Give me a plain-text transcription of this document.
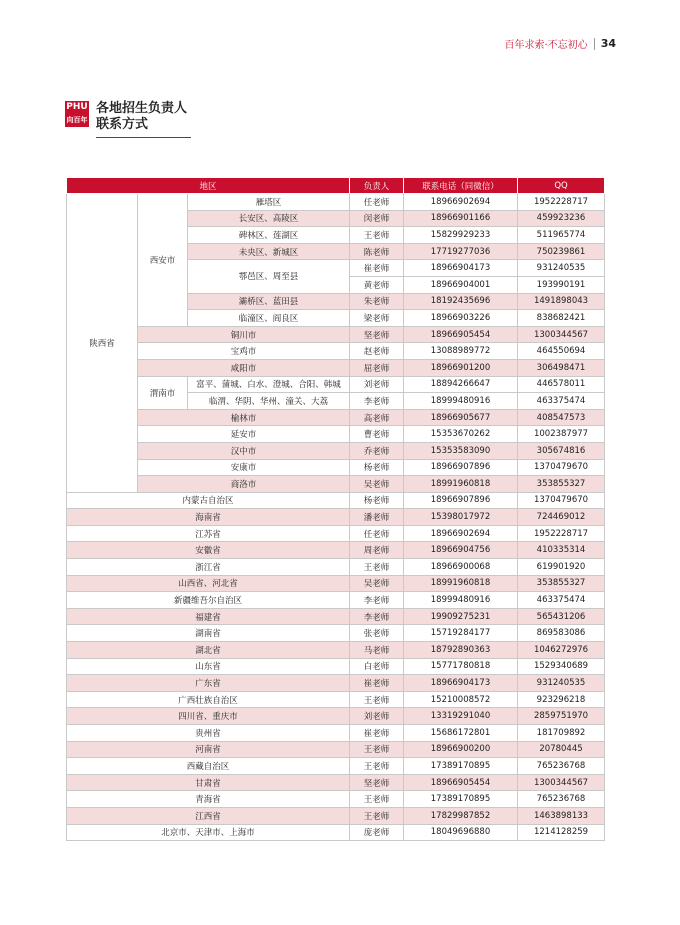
百年求索·不忘初心 34
PHU
向百年
各地招生负责人
联系方式
地区			负责人	联系电话（同微信）	QQ
陕西省	西安市	雁塔区	任老师	18966902694	1952228717
		长安区、高陵区	闵老师	18966901166	459923236
		碑林区、莲湖区	王老师	15829929233	511965774
		未央区、新城区	陈老师	17719277036	750239861
		鄠邑区、周至县	崔老师	18966904173	931240535
			黄老师	18966904001	193990191
		灞桥区、蓝田县	朱老师	18192435696	1491898043
		临潼区、阎良区	梁老师	18966903226	838682421
	铜川市		坚老师	18966905454	1300344567
	宝鸡市		赵老师	13088989772	464550694
	咸阳市		屈老师	18966901200	306498471
	渭南市	富平、蒲城、白水、澄城、合阳、韩城	刘老师	18894266647	446578011
		临渭、华阴、华州、潼关、大荔	李老师	18999480916	463375474
	榆林市		高老师	18966905677	408547573
	延安市		曹老师	15353670262	1002387977
	汉中市		乔老师	15353583090	305674816
	安康市		杨老师	18966907896	1370479670
	商洛市		吴老师	18991960818	353855327
内蒙古自治区			杨老师	18966907896	1370479670
海南省			潘老师	15398017972	724469012
江苏省			任老师	18966902694	1952228717
安徽省			周老师	18966904756	410335314
浙江省			王老师	18966900068	619901920
山西省、河北省			吴老师	18991960818	353855327
新疆维吾尔自治区			李老师	18999480916	463375474
福建省			李老师	19909275231	565431206
湖南省			张老师	15719284177	869583086
湖北省			马老师	18792890363	1046272976
山东省			白老师	15771780818	1529340689
广东省			崔老师	18966904173	931240535
广西壮族自治区			王老师	15210008572	923296218
四川省、重庆市			刘老师	13319291040	2859751970
贵州省			崔老师	15686172801	181709892
河南省			王老师	18966900200	20780445
西藏自治区			王老师	17389170895	765236768
甘肃省			坚老师	18966905454	1300344567
青海省			王老师	17389170895	765236768
江西省			王老师	17829987852	1463898133
北京市、天津市、上海市			庞老师	18049696880	1214128259
